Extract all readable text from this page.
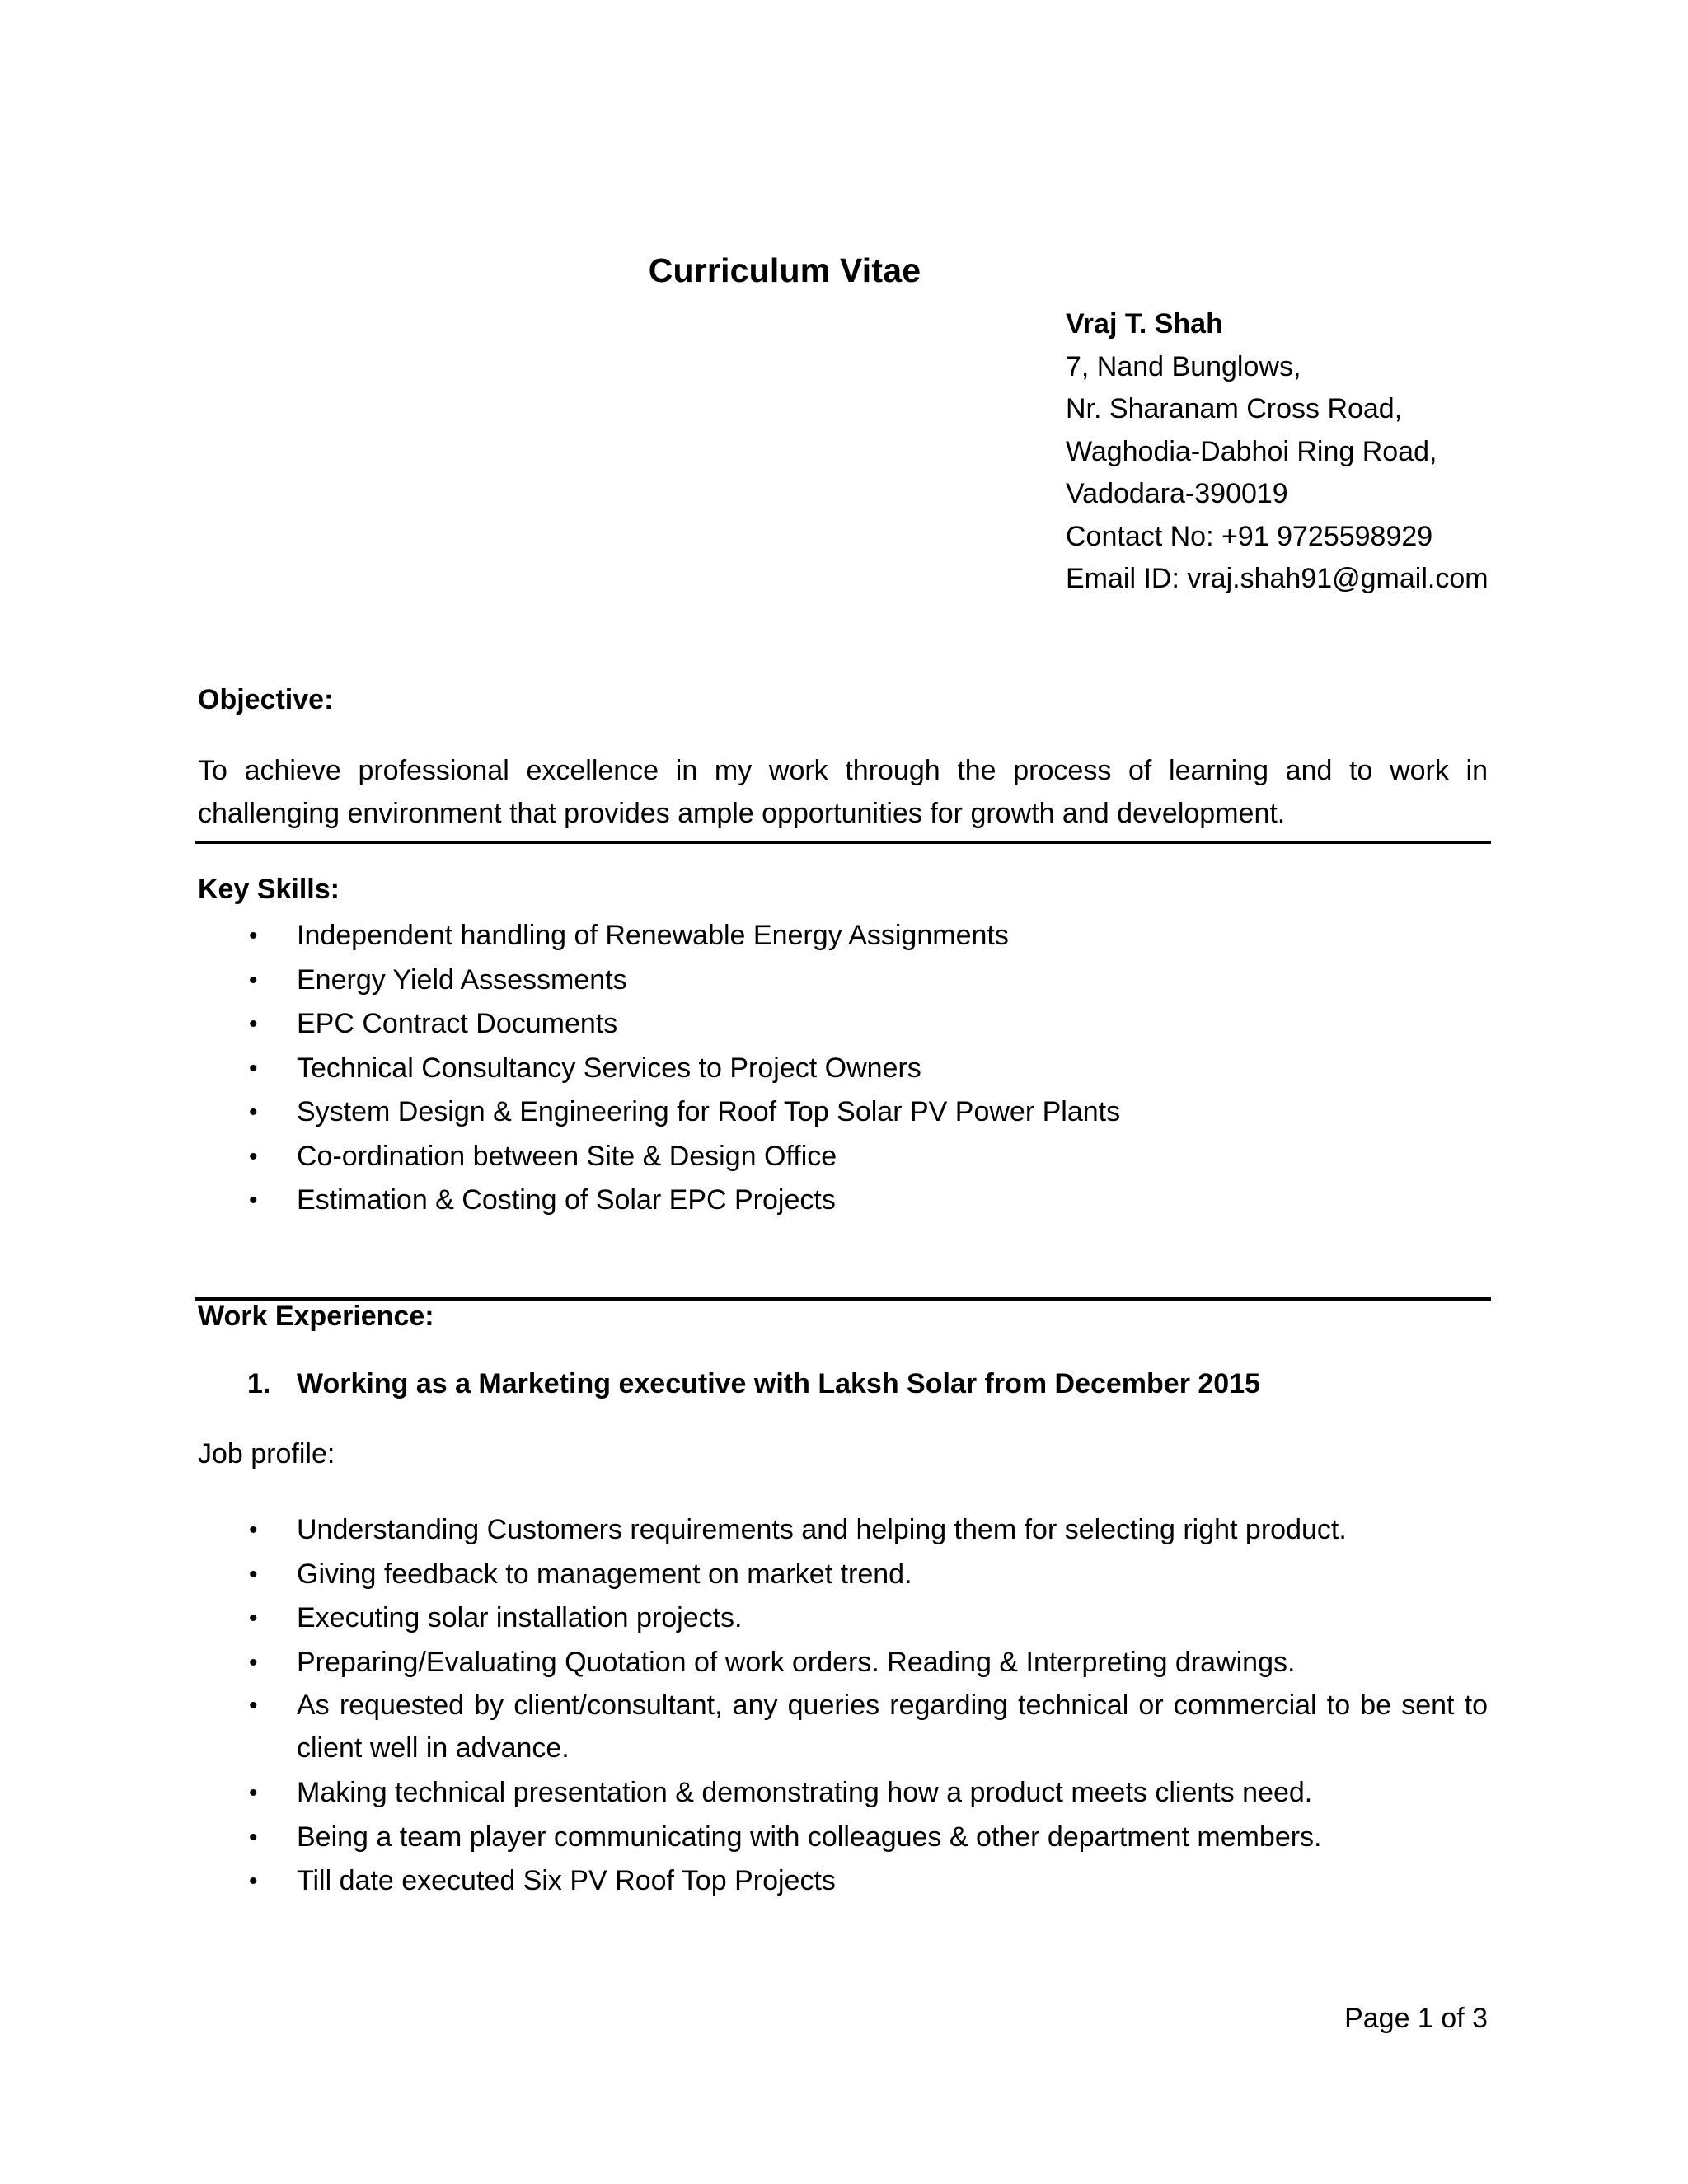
Curriculum Vitae
Vraj T. Shah
7, Nand Bunglows,
Nr. Sharanam Cross Road,
Waghodia-Dabhoi Ring Road,
Vadodara-390019
Contact No: +91 9725598929
Email ID: vraj.shah91@gmail.com
Objective:
To achieve professional excellence in my work through the process of learning and to work in challenging environment that provides ample opportunities for growth and development.
Key Skills:
• Independent handling of Renewable Energy Assignments
• Energy Yield Assessments
• EPC Contract Documents
• Technical Consultancy Services to Project Owners
• System Design & Engineering for Roof Top Solar PV Power Plants
• Co-ordination between Site & Design Office
• Estimation & Costing of Solar EPC Projects
Work Experience:
1. Working as a Marketing executive with Laksh Solar from December 2015
Job profile:
• Understanding Customers requirements and helping them for selecting right product.
• Giving feedback to management on market trend.
• Executing solar installation projects.
• Preparing/Evaluating Quotation of work orders. Reading & Interpreting drawings.
• As requested by client/consultant, any queries regarding technical or commercial to be sent to client well in advance.
• Making technical presentation & demonstrating how a product meets clients need.
• Being a team player communicating with colleagues & other department members.
• Till date executed Six PV Roof Top Projects
Page 1 of 3
